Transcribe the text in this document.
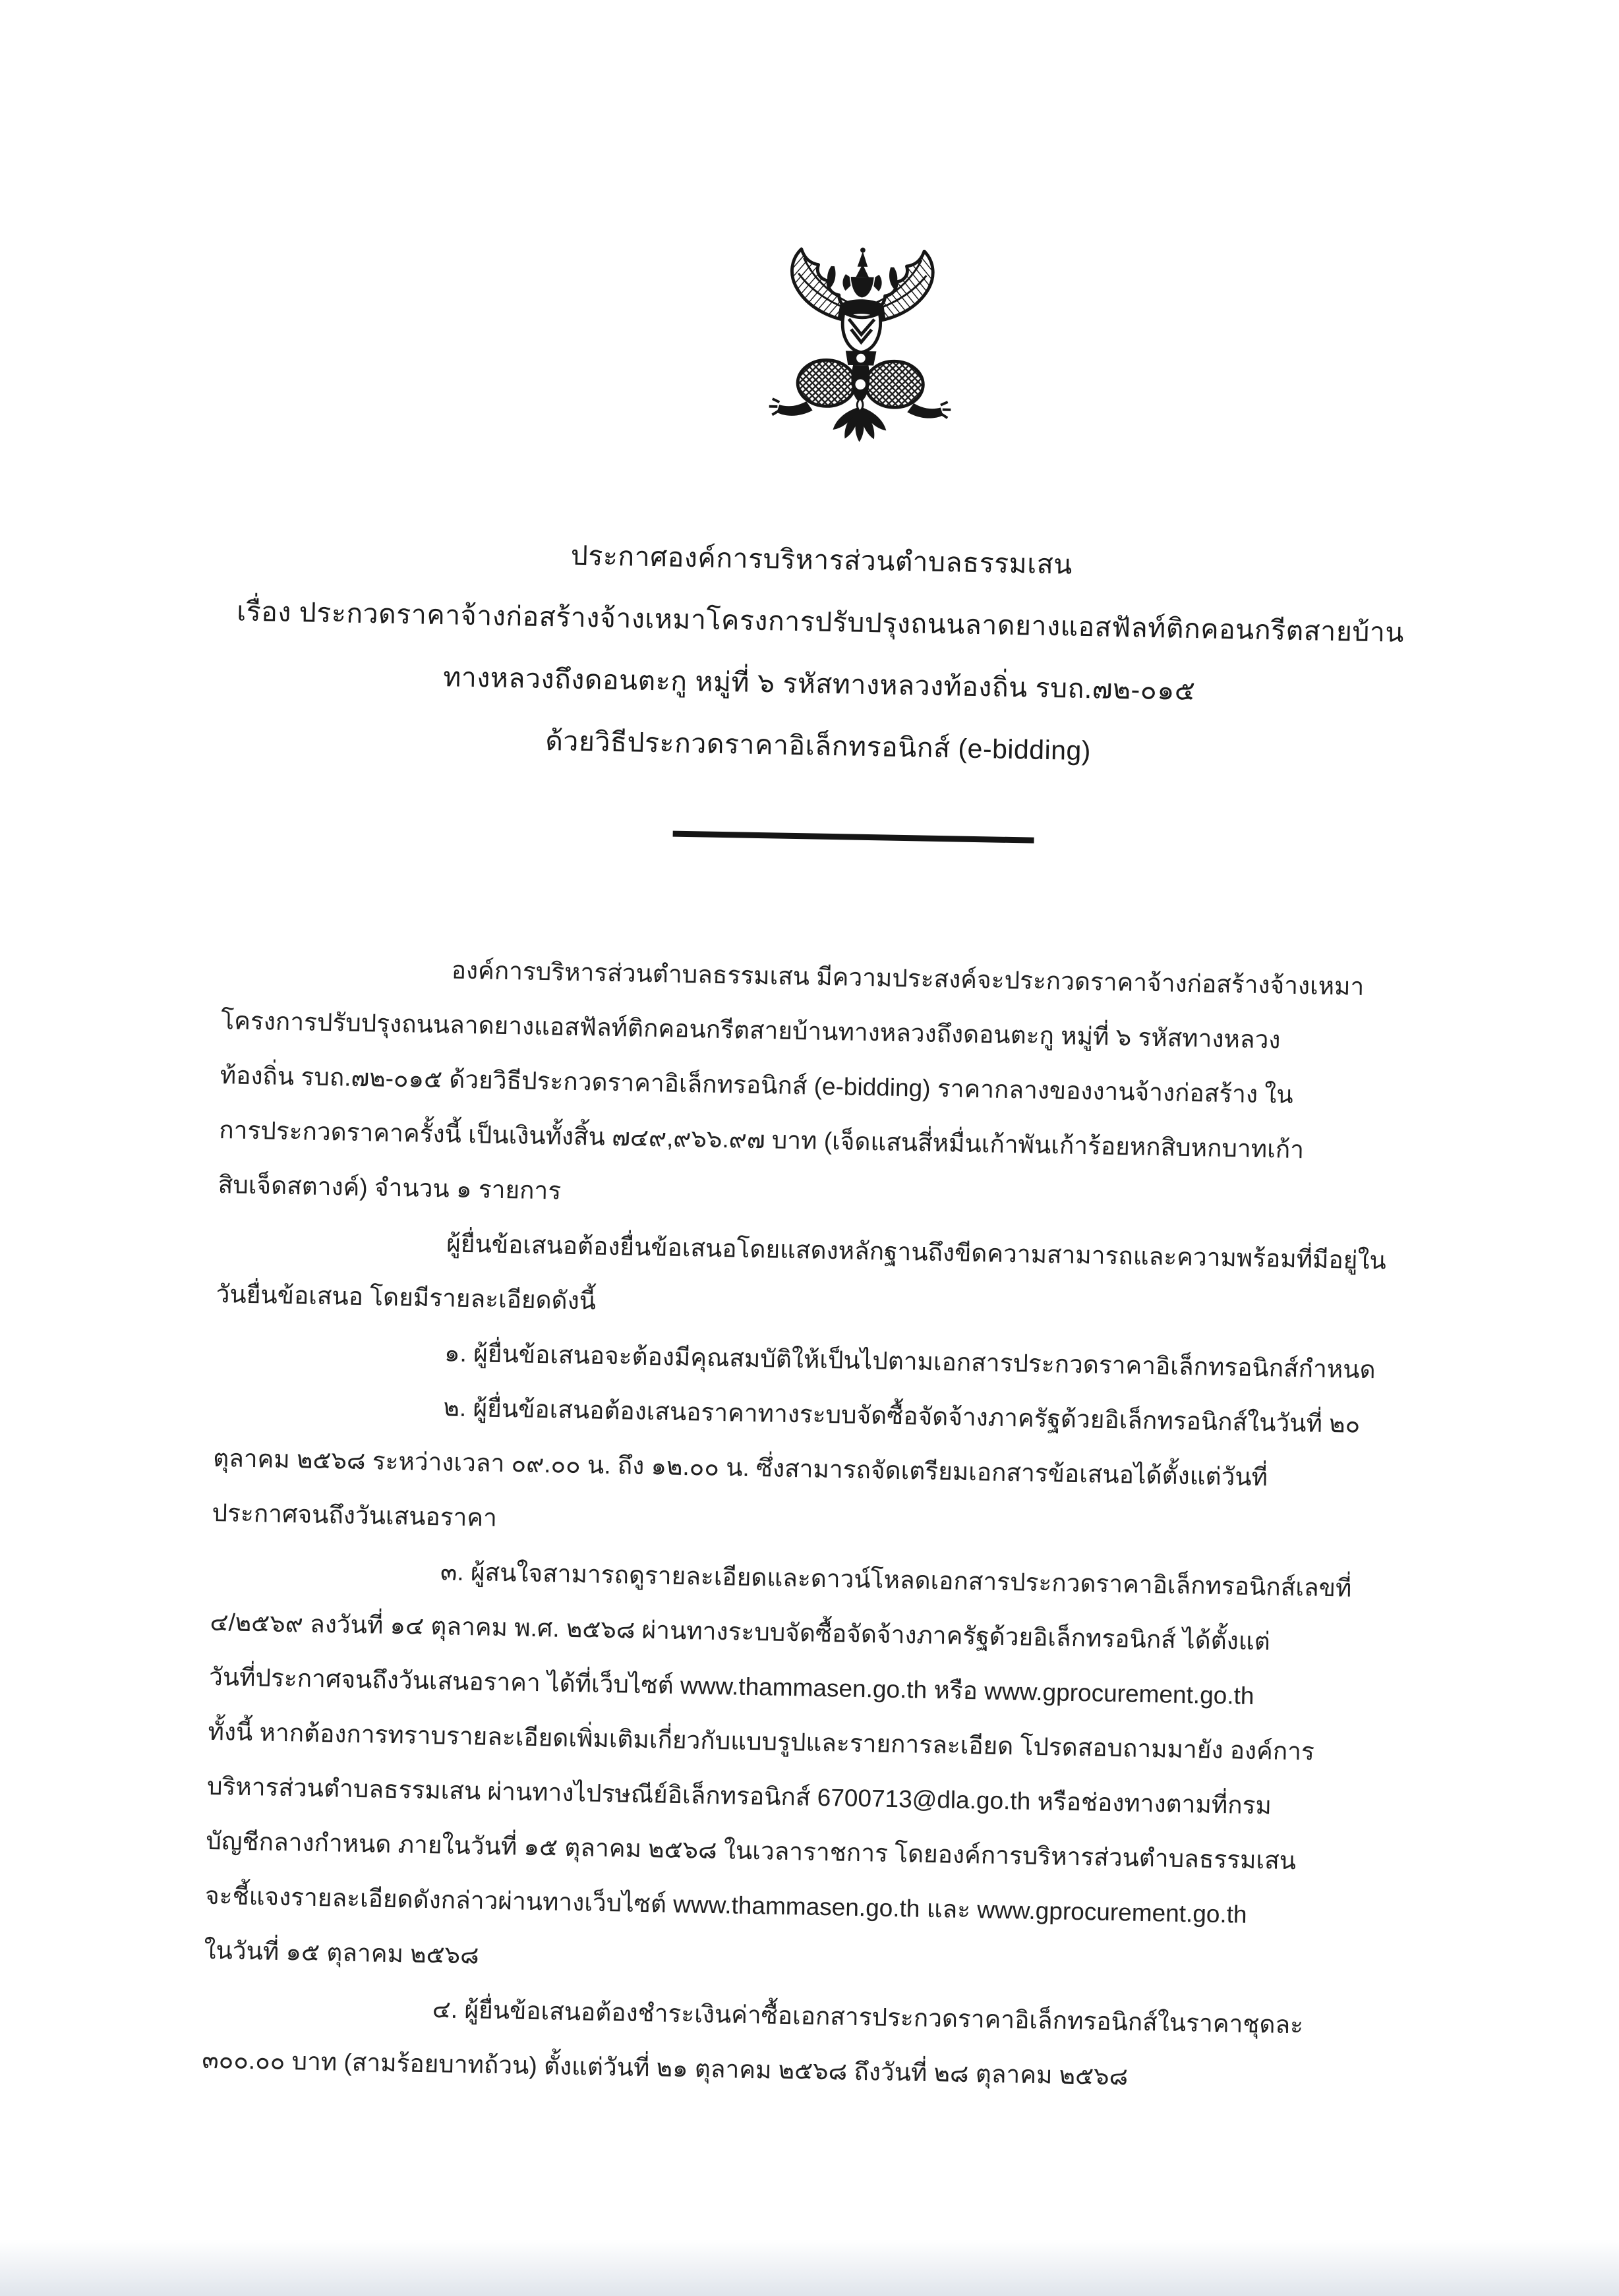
ประกาศองค์การบริหารส่วนตำบลธรรมเสน
เรื่อง ประกวดราคาจ้างก่อสร้างจ้างเหมาโครงการปรับปรุงถนนลาดยางแอสฟัลท์ติกคอนกรีตสายบ้าน
ทางหลวงถึงดอนตะกู หมู่ที่ ๖ รหัสทางหลวงท้องถิ่น รบถ.๗๒-๐๑๕
ด้วยวิธีประกวดราคาอิเล็กทรอนิกส์ (e-bidding)
องค์การบริหารส่วนตำบลธรรมเสน มีความประสงค์จะประกวดราคาจ้างก่อสร้างจ้างเหมา
โครงการปรับปรุงถนนลาดยางแอสฟัลท์ติกคอนกรีตสายบ้านทางหลวงถึงดอนตะกู หมู่ที่ ๖ รหัสทางหลวง
ท้องถิ่น รบถ.๗๒-๐๑๕ ด้วยวิธีประกวดราคาอิเล็กทรอนิกส์ (e-bidding) ราคากลางของงานจ้างก่อสร้าง ใน
การประกวดราคาครั้งนี้ เป็นเงินทั้งสิ้น ๗๔๙,๙๖๖.๙๗ บาท (เจ็ดแสนสี่หมื่นเก้าพันเก้าร้อยหกสิบหกบาทเก้า
สิบเจ็ดสตางค์) จำนวน ๑ รายการ
ผู้ยื่นข้อเสนอต้องยื่นข้อเสนอโดยแสดงหลักฐานถึงขีดความสามารถและความพร้อมที่มีอยู่ใน
วันยื่นข้อเสนอ โดยมีรายละเอียดดังนี้
๑. ผู้ยื่นข้อเสนอจะต้องมีคุณสมบัติให้เป็นไปตามเอกสารประกวดราคาอิเล็กทรอนิกส์กำหนด
๒. ผู้ยื่นข้อเสนอต้องเสนอราคาทางระบบจัดซื้อจัดจ้างภาครัฐด้วยอิเล็กทรอนิกส์ในวันที่ ๒๐
ตุลาคม ๒๕๖๘ ระหว่างเวลา ๐๙.๐๐ น. ถึง ๑๒.๐๐ น. ซึ่งสามารถจัดเตรียมเอกสารข้อเสนอได้ตั้งแต่วันที่
ประกาศจนถึงวันเสนอราคา
๓. ผู้สนใจสามารถดูรายละเอียดและดาวน์โหลดเอกสารประกวดราคาอิเล็กทรอนิกส์เลขที่
๔/๒๕๖๙ ลงวันที่ ๑๔ ตุลาคม พ.ศ. ๒๕๖๘ ผ่านทางระบบจัดซื้อจัดจ้างภาครัฐด้วยอิเล็กทรอนิกส์ ได้ตั้งแต่
วันที่ประกาศจนถึงวันเสนอราคา ได้ที่เว็บไซต์ www.thammasen.go.th หรือ www.gprocurement.go.th
ทั้งนี้ หากต้องการทราบรายละเอียดเพิ่มเติมเกี่ยวกับแบบรูปและรายการละเอียด โปรดสอบถามมายัง องค์การ
บริหารส่วนตำบลธรรมเสน ผ่านทางไปรษณีย์อิเล็กทรอนิกส์ 6700713@dla.go.th หรือช่องทางตามที่กรม
บัญชีกลางกำหนด ภายในวันที่ ๑๕ ตุลาคม ๒๕๖๘ ในเวลาราชการ โดยองค์การบริหารส่วนตำบลธรรมเสน
จะชี้แจงรายละเอียดดังกล่าวผ่านทางเว็บไซต์ www.thammasen.go.th และ www.gprocurement.go.th
ในวันที่ ๑๕ ตุลาคม ๒๕๖๘
๔. ผู้ยื่นข้อเสนอต้องชำระเงินค่าซื้อเอกสารประกวดราคาอิเล็กทรอนิกส์ในราคาชุดละ
๓๐๐.๐๐ บาท (สามร้อยบาทถ้วน) ตั้งแต่วันที่ ๒๑ ตุลาคม ๒๕๖๘ ถึงวันที่ ๒๘ ตุลาคม ๒๕๖๘
